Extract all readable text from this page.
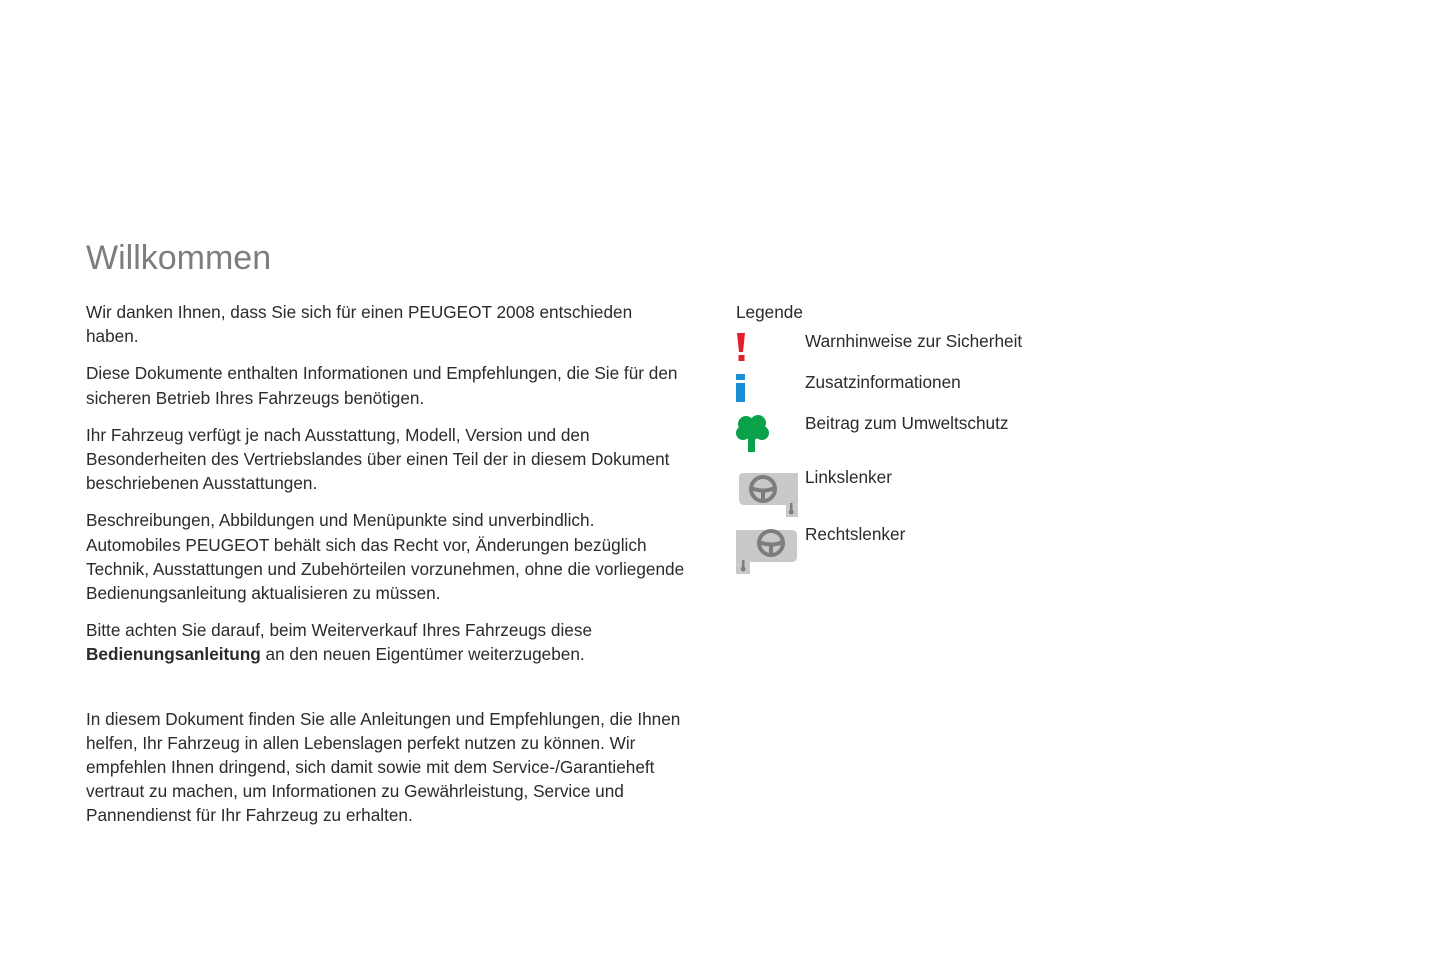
Willkommen

Wir danken Ihnen, dass Sie sich für einen PEUGEOT 2008 entschieden haben.

Diese Dokumente enthalten Informationen und Empfehlungen, die Sie für den sicheren Betrieb Ihres Fahrzeugs benötigen.

Ihr Fahrzeug verfügt je nach Ausstattung, Modell, Version und den Besonderheiten des Vertriebslandes über einen Teil der in diesem Dokument beschriebenen Ausstattungen.

Beschreibungen, Abbildungen und Menüpunkte sind unverbindlich.
Automobiles PEUGEOT behält sich das Recht vor, Änderungen bezüglich Technik, Ausstattungen und Zubehörteilen vorzunehmen, ohne die vorliegende Bedienungsanleitung aktualisieren zu müssen.

Bitte achten Sie darauf, beim Weiterverkauf Ihres Fahrzeugs diese
Bedienungsanleitung an den neuen Eigentümer weiterzugeben.

In diesem Dokument finden Sie alle Anleitungen und Empfehlungen, die Ihnen helfen, Ihr Fahrzeug in allen Lebenslagen perfekt nutzen zu können. Wir empfehlen Ihnen dringend, sich damit sowie mit dem Service-/Garantieheft vertraut zu machen, um Informationen zu Gewährleistung, Service und Pannendienst für Ihr Fahrzeug zu erhalten.

Legende

Warnhinweise zur Sicherheit
Zusatzinformationen
Beitrag zum Umweltschutz
Linkslenker
Rechtslenker
